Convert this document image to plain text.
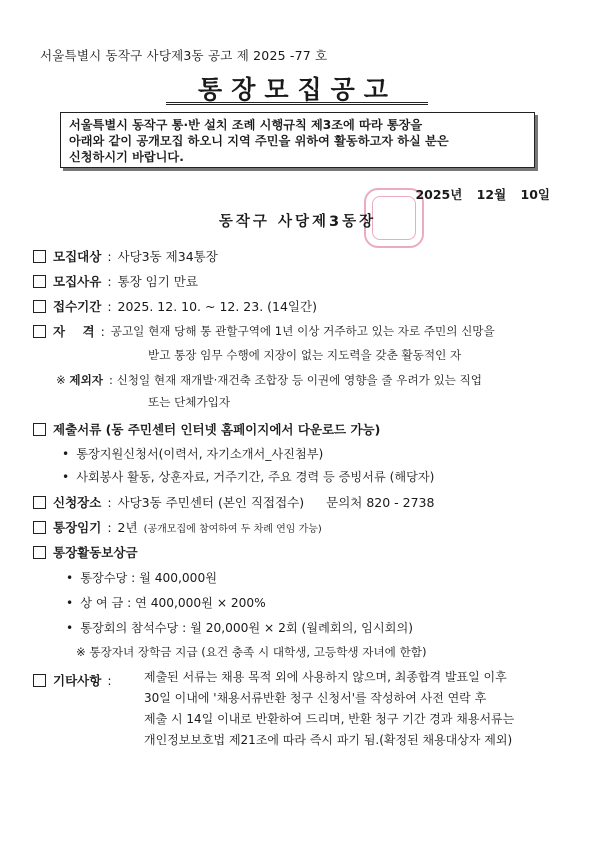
서울특별시 동작구 사당제3동 공고 제 2025 -77 호
통장모집공고
서울특별시 동작구 통·반 설치 조례 시행규칙 제3조에 따라 통장을
아래와 같이 공개모집 하오니 지역 주민을 위하여 활동하고자 하실 분은
신청하시기 바랍니다.
2025년 12월 10일
동작구 사당제3동장
모집대상 : 사당3동 제34통장
모집사유 : 통장 임기 만료
접수기간 : 2025. 12. 10. ~ 12. 23. (14일간)
자    격 : 공고일 현재 당해 통 관할구역에 1년 이상 거주하고 있는 자로 주민의 신망을
받고 통장 임무 수행에 지장이 없는 지도력을 갖춘 활동적인 자
※ 제외자 : 신청일 현재 재개발·재건축 조합장 등 이권에 영향을 줄 우려가 있는 직업
또는 단체가입자
제출서류 (동 주민센터 인터넷 홈페이지에서 다운로드 가능)
• 통장지원신청서(이력서, 자기소개서_사진첨부)
• 사회봉사 활동, 상훈자료, 거주기간, 주요 경력 등 증빙서류 (해당자)
신청장소 : 사당3동 주민센터 (본인 직접접수) 문의처 820 - 2738
통장임기 : 2년 (공개모집에 참여하여 두 차례 연임 가능)
통장활동보상금
• 통장수당 : 월 400,000원
• 상 여 금 : 연 400,000원 × 200%
• 통장회의 참석수당 : 월 20,000원 × 2회 (월례회의, 임시회의)
※ 통장자녀 장학금 지급 (요건 충족 시 대학생, 고등학생 자녀에 한함)
기타사항 :	제출된 서류는 채용 목적 외에 사용하지 않으며, 최종합격 발표일 이후
30일 이내에 '채용서류반환 청구 신청서'를 작성하여 사전 연락 후
제출 시 14일 이내로 반환하여 드리며, 반환 청구 기간 경과 채용서류는
개인정보보호법 제21조에 따라 즉시 파기 됨.(확정된 채용대상자 제외)
